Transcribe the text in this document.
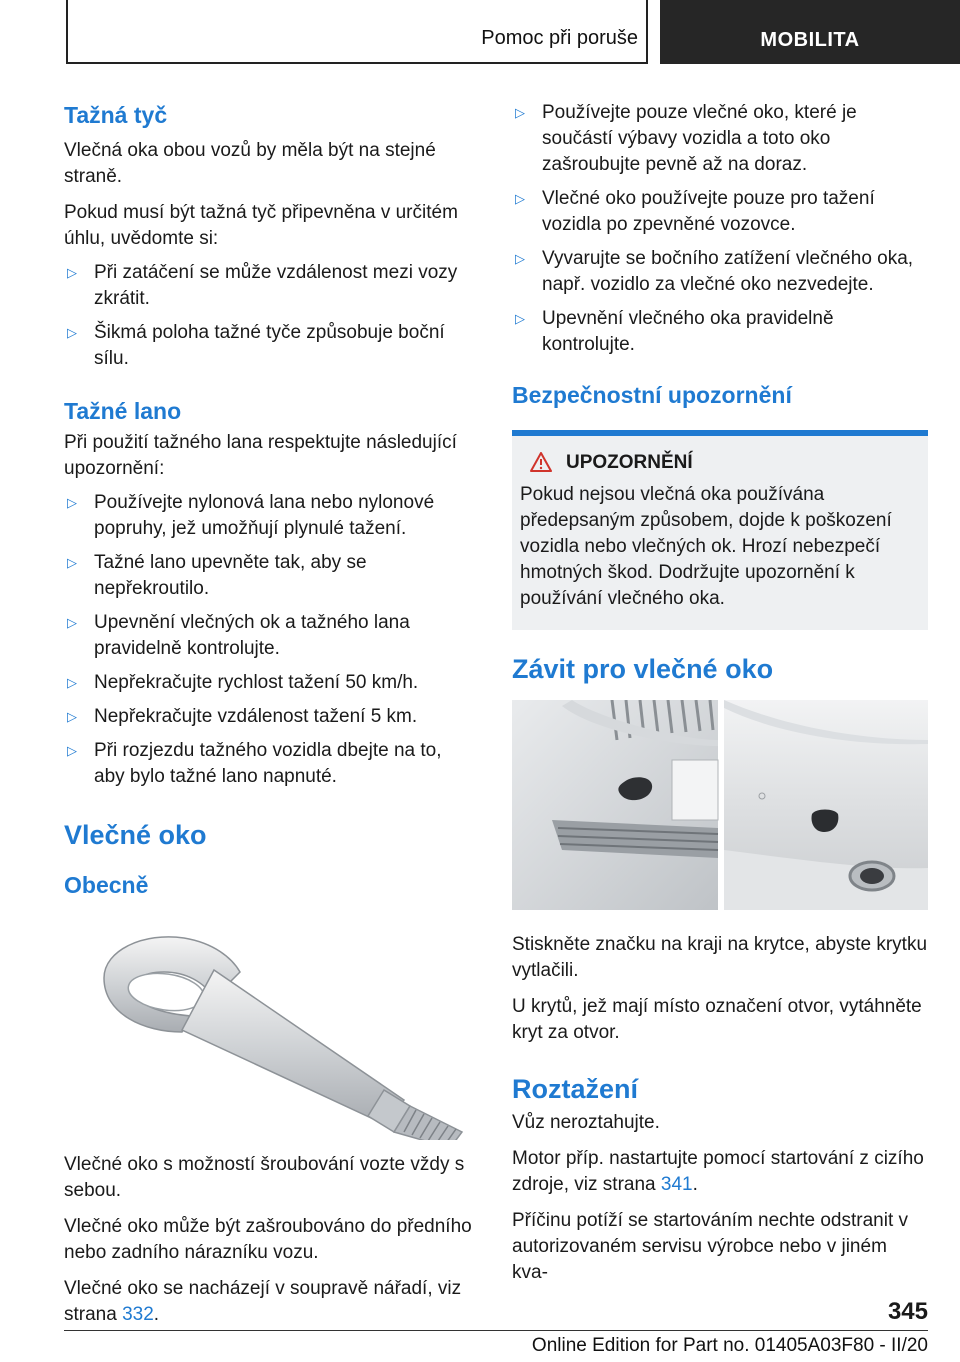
Pomoc při poruše	MOBILITA
Tažná tyč

Vlečná oka obou vozů by měla být na stejné straně.

Pokud musí být tažná tyč připevněna v určitém úhlu, uvědomte si:

▷ Při zatáčení se může vzdálenost mezi vozy zkrátit.
▷ Šikmá poloha tažné tyče způsobuje boční sílu.
Tažné lano

Při použití tažného lana respektujte následující upozornění:

▷ Používejte nylonová lana nebo nylonové popruhy, jež umožňují plynulé tažení.
▷ Tažné lano upevněte tak, aby se nepřekroutilo.
▷ Upevnění vlečných ok a tažného lana pravidelně kontrolujte.
▷ Nepřekračujte rychlost tažení 50 km/h.
▷ Nepřekračujte vzdálenost tažení 5 km.
▷ Při rozjezdu tažného vozidla dbejte na to, aby bylo tažné lano napnuté.
Vlečné oko
Obecně

Vlečné oko s možností šroubování vozte vždy s sebou.

Vlečné oko může být zašroubováno do předního nebo zadního nárazníku vozu.

Vlečné oko se nacházejí v soupravě nářadí, viz strana 332.

▷ Používejte pouze vlečné oko, které je součástí výbavy vozidla a toto oko zašroubujte pevně až na doraz.
▷ Vlečné oko používejte pouze pro tažení vozidla po zpevněné vozovce.
▷ Vyvarujte se bočního zatížení vlečného oka, např. vozidlo za vlečné oko nezvedejte.
▷ Upevnění vlečného oka pravidelně kontrolujte.
Bezpečnostní upozornění
UPOZORNĚNÍ

Pokud nejsou vlečná oka používána předepsaným způsobem, dojde k poškození vozidla nebo vlečných ok. Hrozí nebezpečí hmotných škod. Dodržujte upozornění k používání vlečného oka.

Závit pro vlečné oko

Stiskněte značku na kraji na krytce, abyste krytku vytlačili.

U krytů, jež mají místo označení otvor, vytáhněte kryt za otvor.

Roztažení

Vůz neroztahujte.

Motor příp. nastartujte pomocí startování z cizího zdroje, viz strana 341.

Příčinu potíží se startováním nechte odstranit v autorizovaném servisu výrobce nebo v jiném kva-

345
Online Edition for Part no. 01405A03F80 - II/20
